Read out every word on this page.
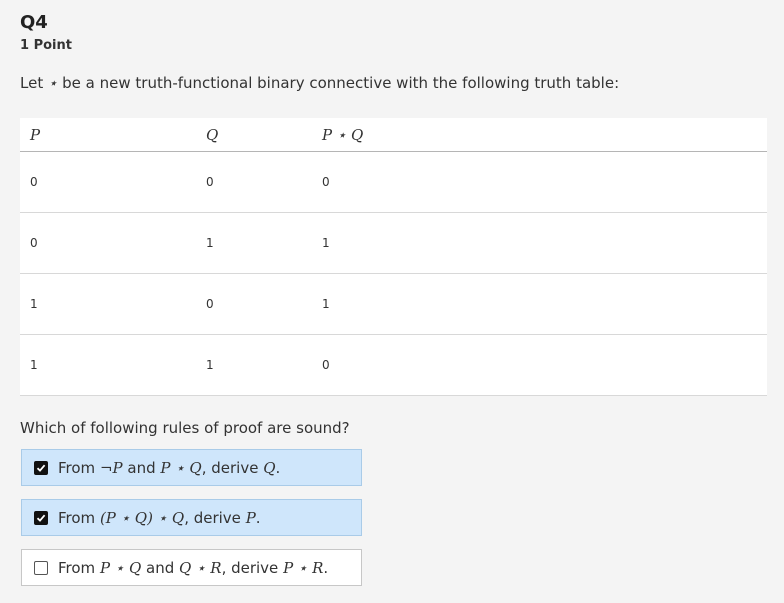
Q4
1 Point
Let ⋆ be a new truth-functional binary connective with the following truth table:
P	Q	P ⋆ Q
0	0	0
0	1	1
1	0	1
1	1	0
Which of following rules of proof are sound?
From ¬P and P ⋆ Q, derive Q.
From (P ⋆ Q) ⋆ Q, derive P.
From P ⋆ Q and Q ⋆ R, derive P ⋆ R.
